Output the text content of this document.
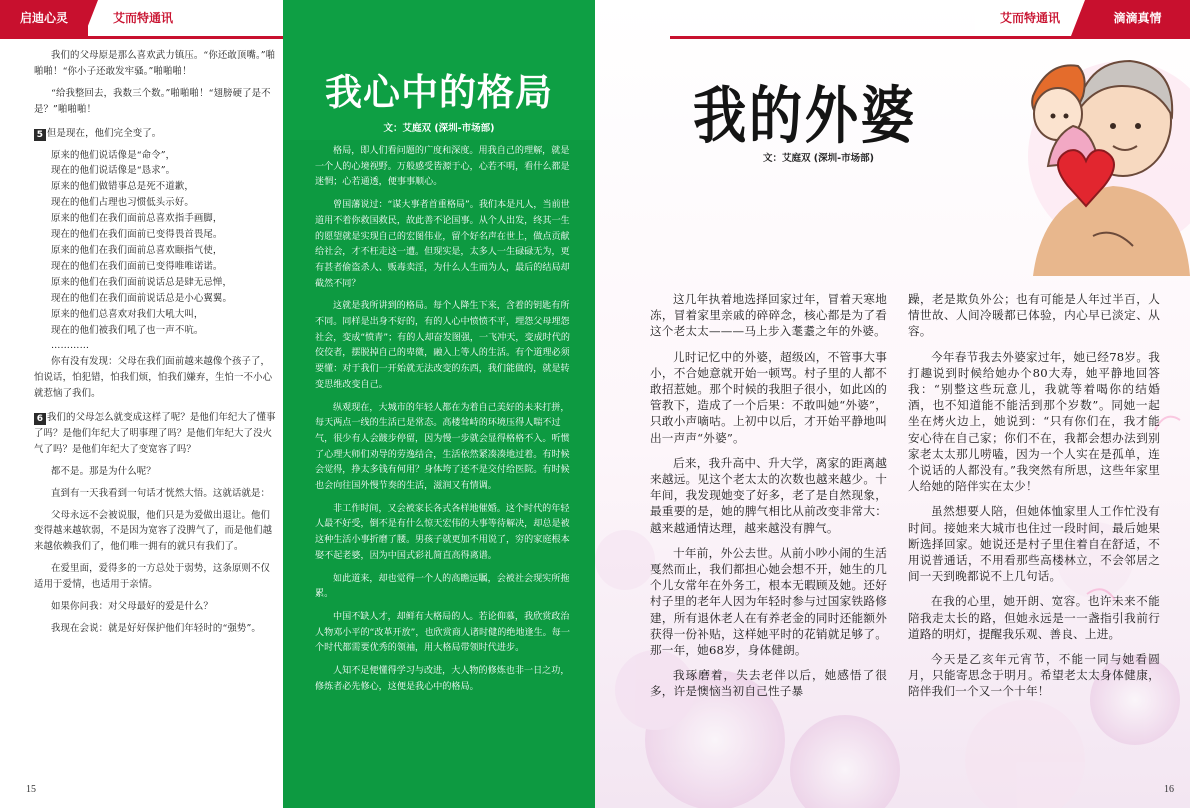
艾而特通讯
启迪心灵

我们的父母原是那么喜欢武力镇压。“你还敢顶嘴。”啪啪啪！“你小子还敢发牢骚。”啪啪啪！

“给我整回去，我数三个数。”啪啪啪！“翅膀硬了是不是？”啪啪啪！

5 但是现在，他们完全变了。

原来的他们说话像是“命令”，

现在的他们说话像是“恳求”。

原来的他们做错事总是死不道歉，

现在的他们占理也习惯低头示好。

原来的他们在我们面前总喜欢指手画脚，

现在的他们在我们面前已变得畏首畏尾。

原来的他们在我们面前总喜欢颐指气使，

现在的他们在我们面前已变得唯唯诺诺。

原来的他们在我们面前说话总是肆无忌惮，

现在的他们在我们面前说话总是小心翼翼。

原来的他们总喜欢对我们大吼大叫，

现在的他们被我们吼了也一声不吭。

…………

你有没有发现：父母在我们面前越来越像个孩子了，怕说话，怕犯错，怕我们烦，怕我们嫌弃，生怕一不小心就惹恼了我们。

6 我们的父母怎么就变成这样了呢？是他们年纪大了懂事了吗？是他们年纪大了明事理了吗？是他们年纪大了没火气了吗？是他们年纪大了变宽容了吗？

都不是。那是为什么呢？

直到有一天我看到一句话才恍然大悟。这就话就是：

父母永远不会被说服，他们只是为爱做出退让。他们变得越来越软弱，不是因为宽容了没脾气了，而是他们越来越依赖我们了，他们唯一拥有的就只有我们了。

在爱里面，爱得多的一方总处于弱势，这条原则不仅适用于爱情，也适用于亲情。

如果你问我：对父母最好的爱是什么？

我现在会说：就是好好保护他们年轻时的“强势”。

15
我心中的格局
文：艾庭双 (深圳-市场部)

格局，即人们看问题的广度和深度。用我自己的理解，就是一个人的心境视野。万般感受皆源于心，心若不明，看什么都是迷惘；心若通透，便事事顺心。

曾国藩说过：“谋大事者首重格局”。我们本是凡人，当前世道用不着你救国救民，故此善不论国事。从个人出发，终其一生的愿望就是实现自己的宏图伟业，留个好名声在世上，做点贡献给社会，才不枉走这一遭。但现实是，太多人一生碌碌无为，更有甚者偷盗杀人、贩毒卖淫，为什么人生而为人，最后的结局却截然不同？

这就是我所讲到的格局。每个人降生下来，含着的钥匙有所不同。同样是出身不好的，有的人心中愤愤不平，埋怨父母埋怨社会，变成“愤青”；有的人却奋发图强，一飞冲天，变成时代的佼佼者，摆脱掉自己的卑微，融入上等人的生活。有个道理必须要懂：对于我们一开始就无法改变的东西，我们能做的，就是转变思维改变自己。

纵观现在，大城市的年轻人都在为着自己美好的未来打拼，每天两点一线的生活已是常态。高楼耸峙的环境压得人喘不过气，很少有人会踱步停留，因为慢一步就会显得格格不入。听惯了心理大师们劝导的劳逸结合，生活依然紧凑凑地过着。有时候会觉得，挣太多钱有何用？身体垮了还不是交付给医院。有时候也会向往国外慢节奏的生活，滋润又有情调。

非工作时间，又会被家长各式各样地催婚。这个时代的年轻人最不好受，倒不是有什么惊天宏伟的大事等待解决，却总是被这种生活小事折磨了腰。男孩子就更加不用说了，穷的家庭根本娶不起老婆，因为中国式彩礼简直高得离谱。

如此道来，却也觉得一个人的高瞻远瞩，会被社会现实所拖累。

中国不缺人才，却鲜有大格局的人。若论仰慕，我欣赏政治人物邓小平的“改革开放”，也欣赏商人诸时健的绝地逢生。每一个时代都需要优秀的领袖，用大格局带领时代进步。

人知不足便懂得学习与改进，大人物的修炼也非一日之功，修炼者必先修心，这便是我心中的格局。

艾而特通讯	滴滴真情
我的外婆
文：艾庭双 (深圳-市场部)

这几年执着地选择回家过年，冒着天寒地冻，冒着家里亲戚的碎碎念，核心都是为了看这个老太太———马上步入耄耋之年的外婆。

儿时记忆中的外婆，超级凶，不管事大事小，不合她意就开始一顿骂。村子里的人都不敢招惹她。那个时候的我胆子很小，如此凶的管教下，造成了一个后果：不敢叫她“外婆”，只敢小声嘀咕。上初中以后，才开始平静地叫出一声声“外婆”。

后来，我升高中、升大学，离家的距离越来越远。见这个老太太的次数也越来越少。十年间，我发现她变了好多，老了是自然现象，最重要的是，她的脾气相比从前改变非常大：越来越通情达理，越来越没有脾气。

十年前，外公去世。从前小吵小闹的生活戛然而止，我们都担心她会想不开，她生的几个儿女常年在外务工，根本无暇顾及她。还好村子里的老年人因为年轻时参与过国家铁路修建，所有退休老人在有养老金的同时还能额外获得一份补贴，这样她平时的花销就足够了。那一年，她68岁，身体健朗。

我琢磨着，失去老伴以后，她感悟了很多，许是懊恼当初自己性子暴

躁，老是欺负外公；也有可能是人年过半百，人情世故、人间冷暖都已体验，内心早已淡定、从容。

今年春节我去外婆家过年，她已经78岁。我打趣说到时候给她办个80大寿，她平静地回答我：“别整这些玩意儿，我就等着喝你的结婚酒，也不知道能不能活到那个岁数”。同她一起坐在烤火边上，她说到：“只有你们在，我才能安心待在自己家；你们不在，我都会想办法到别家老太太那儿唠嗑，因为一个人实在是孤单，连个说话的人都没有。”我突然有所思，这些年家里人给她的陪伴实在太少！

虽然想要人陪，但她体恤家里人工作忙没有时间。接她来大城市也住过一段时间，最后她果断选择回家。她说还是村子里住着自在舒适，不用说普通话，不用看那些高楼林立，不会邻居之间一天到晚都说不上几句话。

在我的心里，她开朗、宽容。也许未来不能陪我走太长的路，但她永远是一一盏指引我前行道路的明灯，提醒我乐观、善良、上进。

今天是乙亥年元宵节，不能一同与她看圆月，只能寄思念于明月。希望老太太身体健康，陪伴我们一个又一个十年！

16
